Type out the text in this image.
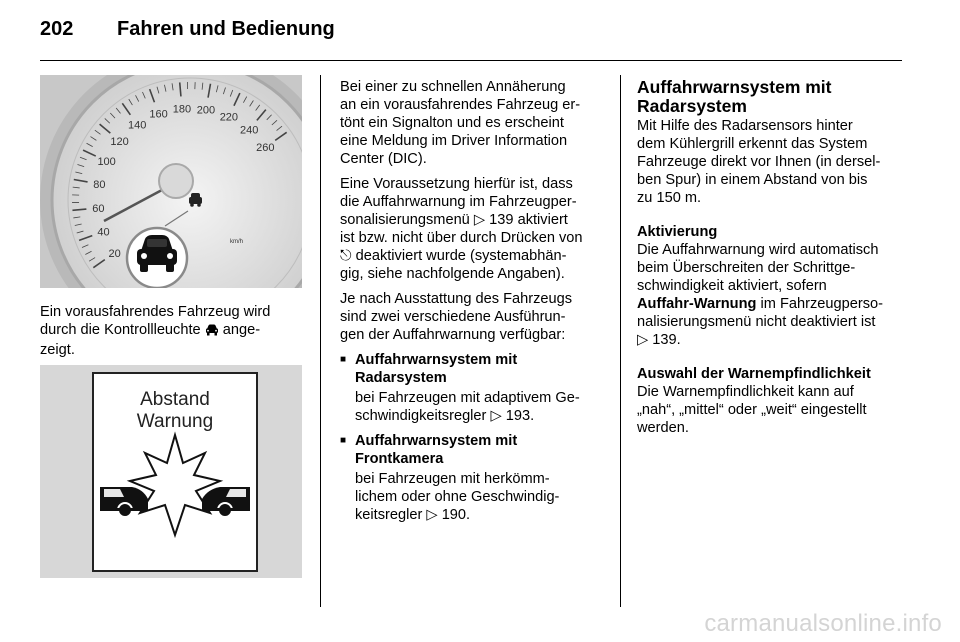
202 Fahren und Bedienung
20
40
60
80
100
120
140
160 180 200
220
240
260
km/h
Ein vorausfahrendes Fahrzeug wird
durch die Kontrollleuchte ange-
zeigt.
Abstand
Warnung

Bei einer zu schnellen Annäherung
an ein vorausfahrendes Fahrzeug er-
tönt ein Signalton und es erscheint
eine Meldung im Driver Information
Center (DIC).

Eine Voraussetzung hierfür ist, dass
die Auffahrwarnung im Fahrzeugper-
sonalisierungsmenü ▷ 139 aktiviert
ist bzw. nicht über durch Drücken von
⎋ deaktiviert wurde (systemabhän-
gig, siehe nachfolgende Angaben).

Je nach Ausstattung des Fahrzeugs
sind zwei verschiedene Ausführun-
gen der Auffahrwarnung verfügbar:

■ Auffahrwarnsystem mit
Radarsystem
bei Fahrzeugen mit adaptivem Ge-
schwindigkeitsregler ▷ 193.
■ Auffahrwarnsystem mit
Frontkamera
bei Fahrzeugen mit herkömm-
lichem oder ohne Geschwindig-
keitsregler ▷ 190.
Auffahrwarnsystem mit
Radarsystem

Mit Hilfe des Radarsensors hinter
dem Kühlergrill erkennt das System
Fahrzeuge direkt vor Ihnen (in dersel-
ben Spur) in einem Abstand von bis
zu 150 m.

Aktivierung

Die Auffahrwarnung wird automatisch
beim Überschreiten der Schrittge-
schwindigkeit aktiviert, sofern
Auffahr-Warnung im Fahrzeugperso-
nalisierungsmenü nicht deaktiviert ist
▷ 139.

Auswahl der Warnempfindlichkeit

Die Warnempfindlichkeit kann auf
„nah“, „mittel“ oder „weit“ eingestellt
werden.

carmanualsonline.info
